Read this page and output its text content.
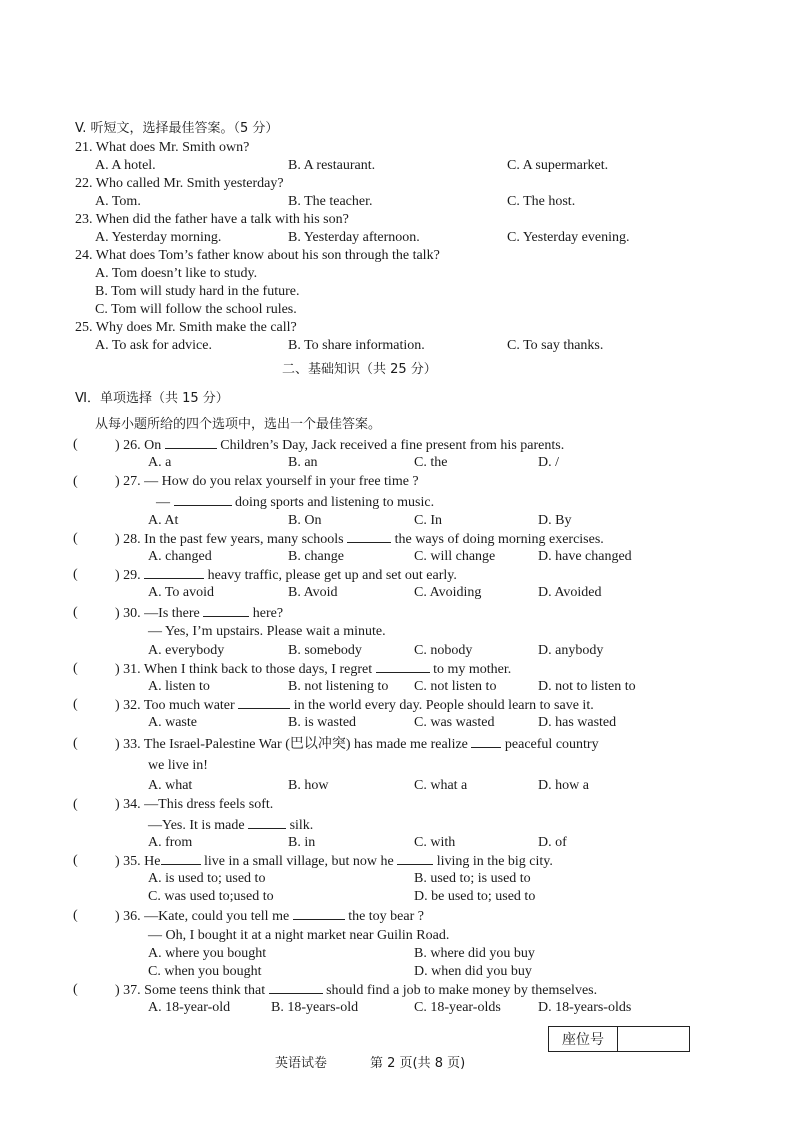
V. 听短文，选择最佳答案。（5 分）
21. What does Mr. Smith own?
A. A hotel.	B. A restaurant.	C. A supermarket.
22. Who called Mr. Smith yesterday?
A. Tom.	B. The teacher.	C. The host.
23. When did the father have a talk with his son?
A. Yesterday morning.	B. Yesterday afternoon.	C. Yesterday evening.
24. What does Tom’s father know about his son through the talk?
A. Tom doesn’t like to study.
B. Tom will study hard in the future.
C. Tom will follow the school rules.
25. Why does Mr. Smith make the call?
A. To ask for advice.	B. To share information.	C. To say thanks.
二、基础知识（共 25 分）
Ⅵ．单项选择（共 15 分）
从每小题所给的四个选项中，选出一个最佳答案。
(	) 26. On	Children’s Day, Jack received a fine present from his parents.
A. a	B. an	C. the	D. /
(	) 27. — How do you relax yourself in your free time ?
—	doing sports and listening to music.
A. At	B. On	C. In	D. By
(	) 28. In the past few years, many schools	the ways of doing morning exercises.
A. changed	B. change	C. will change	D. have changed
(	) 29.	heavy traffic, please get up and set out early.
A. To avoid	B. Avoid	C. Avoiding	D. Avoided
(	) 30. —Is there	here?
— Yes, I’m upstairs. Please wait a minute.
A. everybody	B. somebody	C. nobody	D. anybody
(	) 31. When I think back to those days, I regret	to my mother.
A. listen to	B. not listening to C. not listen to	D. not to listen to
(	) 32. Too much water	in the world every day. People should learn to save it.
A. waste	B. is wasted	C. was wasted	D. has wasted
(	) 33. The Israel-Palestine War (巴以冲突) has made me realize	peaceful country
we live in!
A. what	B. how	C. what a	D. how a
(	) 34. —This dress feels soft.
—Yes. It is made	silk.
A. from	B. in	C. with	D. of
(	) 35. He	live in a small village, but now he	living in the big city.
A. is used to; used to	B. used to; is used to
C. was used to;used to	D. be used to; used to
(	) 36. —Kate, could you tell me	the toy bear ?
— Oh, I bought it at a night market near Guilin Road.
A. where you bought	B. where did you buy
C. when you bought	D. when did you buy
(	) 37. Some teens think that	should find a job to make money by themselves.
A. 18-year-old	B. 18-years-old	C. 18-year-olds	D. 18-years-olds
座位号
英语试卷	第 2 页(共 8 页)
